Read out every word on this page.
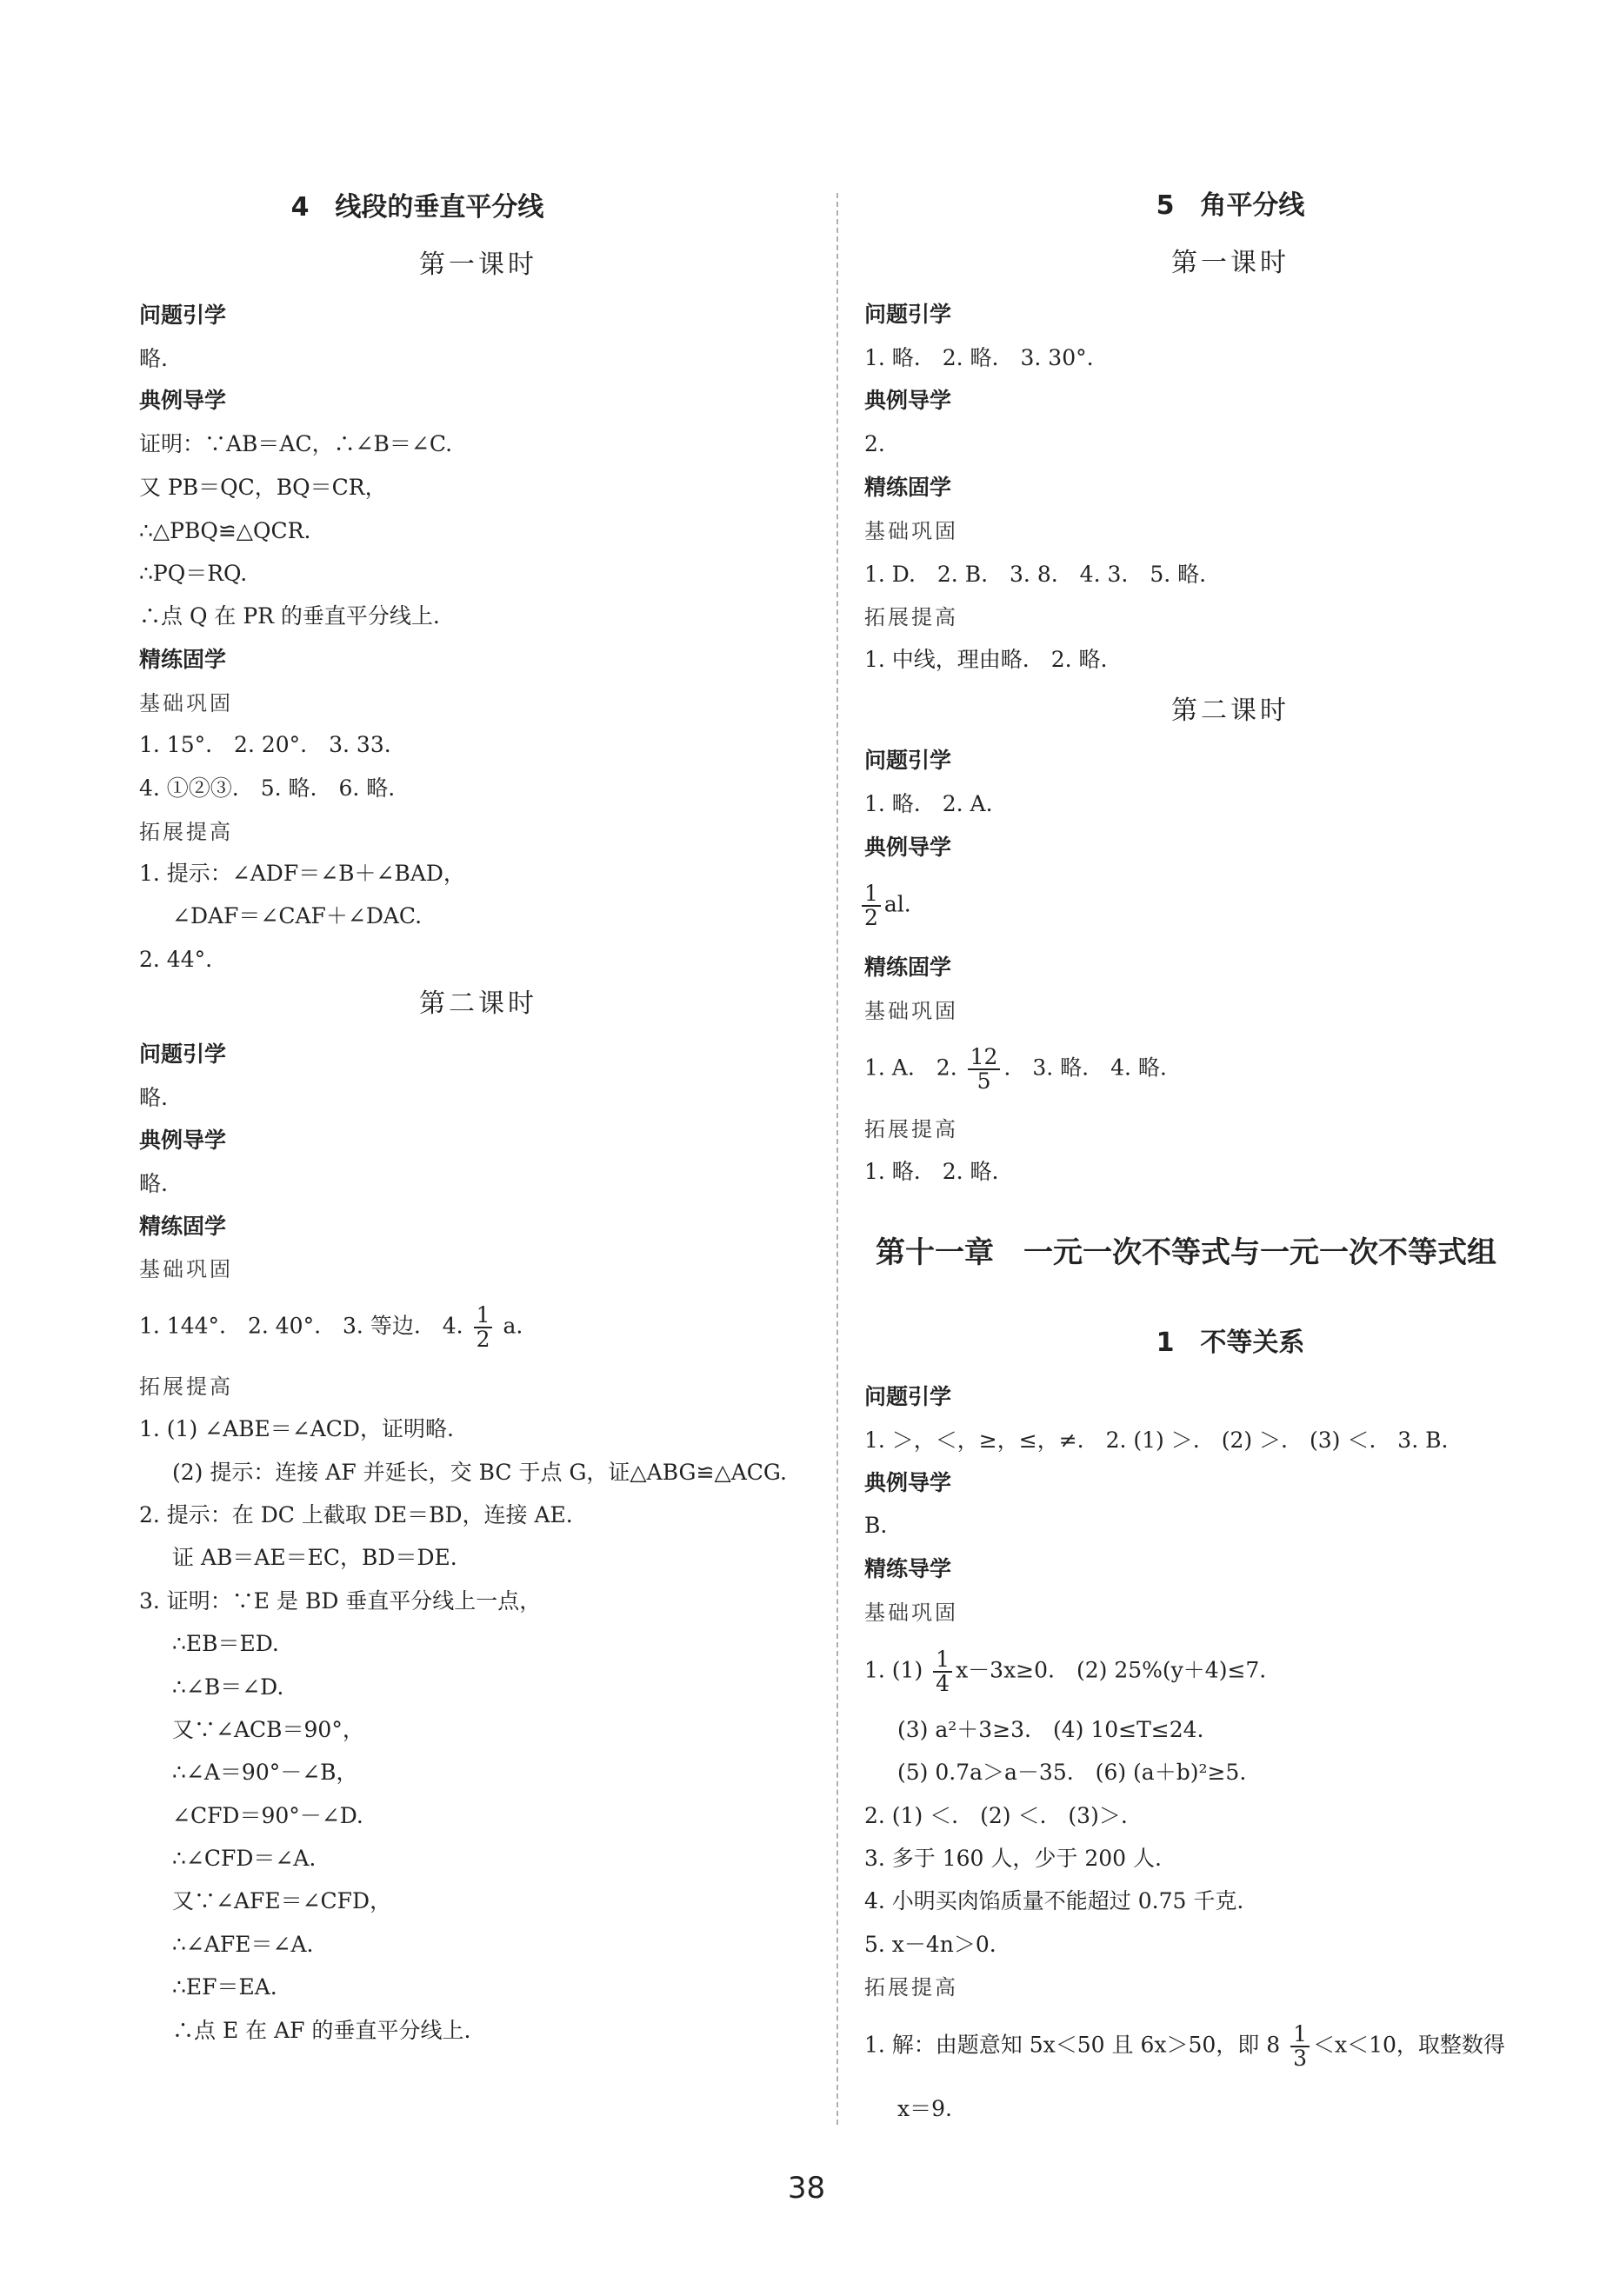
4　线段的垂直平分线
第一课时
问题引学
略.
典例导学
证明：∵AB＝AC，∴∠B＝∠C.
又 PB＝QC，BQ＝CR，
∴△PBQ≌△QCR.
∴PQ＝RQ.
∴点 Q 在 PR 的垂直平分线上.
精练固学
基础巩固
1. 15°.　2. 20°.　3. 33.
4. ①②③.　5. 略.　6. 略.
拓展提高
1. 提示：∠ADF＝∠B＋∠BAD，
∠DAF＝∠CAF＋∠DAC.
2. 44°.
第二课时
问题引学
略.
典例导学
略.
精练固学
基础巩固
1. 144°.　2. 40°.　3. 等边.　4. $\frac{1}{2} a$.
拓展提高
1. (1) ∠ABE＝∠ACD，证明略.
(2) 提示：连接 AF 并延长，交 BC 于点 G，证△ABG≌△ACG.
2. 提示：在 DC 上截取 DE＝BD，连接 AE.
证 AB＝AE＝EC，BD＝DE.
3. 证明：∵E 是 BD 垂直平分线上一点，
∴EB＝ED.
∴∠B＝∠D.
又∵∠ACB＝90°，
∴∠A＝90°－∠B，
∠CFD＝90°－∠D.
∴∠CFD＝∠A.
又∵∠AFE＝∠CFD，
∴∠AFE＝∠A.
∴EF＝EA.
∴点 E 在 AF 的垂直平分线上.
5　角平分线
第一课时
问题引学
1. 略.　2. 略.　3. 30°.
典例导学
2.
精练固学
基础巩固
1. D.　2. B.　3. 8.　4. 3.　5. 略.
拓展提高
1. 中线，理由略.　2. 略.
第二课时
问题引学
1. 略.　2. A.
典例导学
$\frac{1}{2}$ al.
精练固学
基础巩固
1. A.　2. $\frac{12}{5}$ .　3. 略.　4. 略.
拓展提高
1. 略.　2. 略.
第十一章　一元一次不等式与一元一次不等式组
1　不等关系
问题引学
1. ＞，＜，≥，≤，≠.　2. (1) ＞.　(2) ＞.　(3) ＜.　3. B.
典例导学
B.
精练导学
基础巩固
1. $(1) \frac{1}{4} x-3x\ge 0$.　(2) 25%(y＋4)≤7.
(3) a²＋3≥3.　(4) 10≤T≤24.
(5) 0.7a＞a－35.　(6) (a＋b)²≥5.
2. (1) ＜.　(2) ＜.　(3)＞.
3. 多于 160 人，少于 200 人.
4. 小明买肉馅质量不能超过 0.75 千克.
5. x－4n＞0.
拓展提高
1. 解：由题意知 5x＜50 且 6x＞50，即 $8 \frac{1}{3} <x<10$，取整数得
x＝9.
38
